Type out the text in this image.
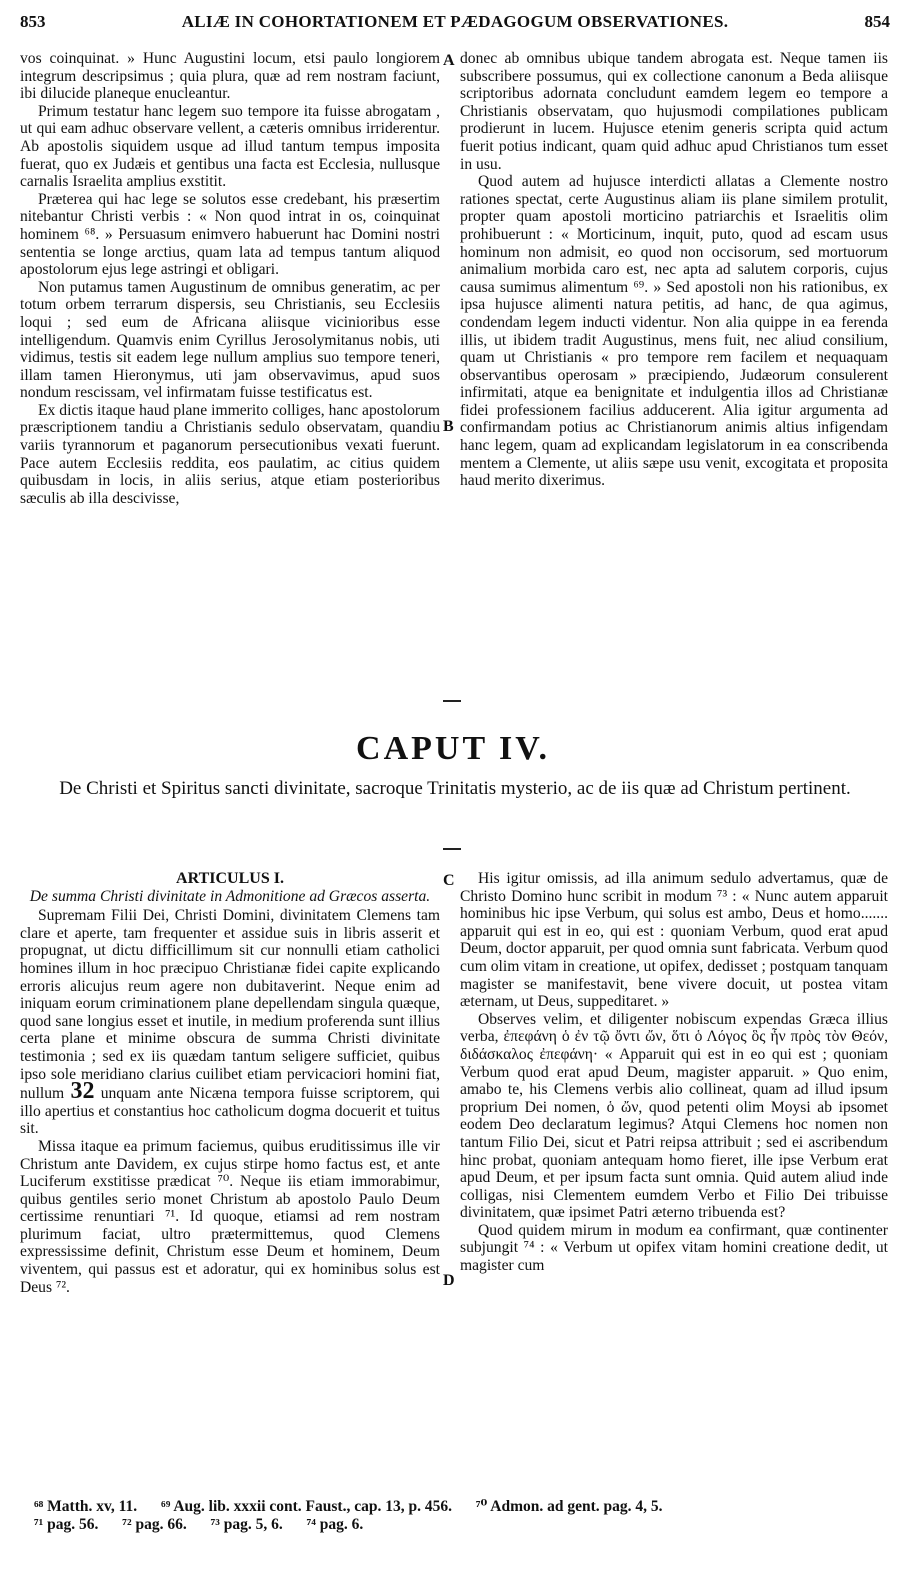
853	ALIÆ IN COHORTATIONEM ET PÆDAGOGUM OBSERVATIONES.	854

vos coinquinat. » Hunc Augustini locum, etsi paulo longiorem integrum descripsimus ; quia plura, quæ ad rem nostram faciunt, ibi dilucide planeque enucleantur.

Primum testatur hanc legem suo tempore ita fuisse abrogatam , ut qui eam adhuc observare vellent, a cæteris omnibus irriderentur. Ab apostolis siquidem usque ad illud tantum tempus imposita fuerat, quo ex Judæis et gentibus una facta est Ecclesia, nullusque carnalis Israelita amplius exstitit.

Præterea qui hac lege se solutos esse credebant, his præsertim nitebantur Christi verbis : « Non quod intrat in os, coinquinat hominem ⁶⁸. » Persuasum enimvero habuerunt hac Domini nostri sententia se longe arctius, quam lata ad tempus tantum aliquod apostolorum ejus lege astringi et obligari.

Non putamus tamen Augustinum de omnibus generatim, ac per totum orbem terrarum dispersis, seu Christianis, seu Ecclesiis loqui ; sed eum de Africana aliisque vicinioribus esse intelligendum. Quamvis enim Cyrillus Jerosolymitanus nobis, uti vidimus, testis sit eadem lege nullum amplius suo tempore teneri, illam tamen Hieronymus, uti jam observavimus, apud suos nondum rescissam, vel infirmatam fuisse testificatus est.

Ex dictis itaque haud plane immerito colliges, hanc apostolorum præscriptionem tandiu a Christianis sedulo observatam, quandiu variis tyrannorum et paganorum persecutionibus vexati fuerunt. Pace autem Ecclesiis reddita, eos paulatim, ac citius quidem quibusdam in locis, in aliis serius, atque etiam posterioribus sæculis ab illa descivisse,

A
B

donec ab omnibus ubique tandem abrogata est. Neque tamen iis subscribere possumus, qui ex collectione canonum a Beda aliisque scriptoribus adornata concludunt eamdem legem eo tempore a Christianis observatam, quo hujusmodi compilationes publicam prodierunt in lucem. Hujusce etenim generis scripta quid actum fuerit potius indicant, quam quid adhuc apud Christianos tum esset in usu.

Quod autem ad hujusce interdicti allatas a Clemente nostro rationes spectat, certe Augustinus aliam iis plane similem protulit, propter quam apostoli morticino patriarchis et Israelitis olim prohibuerunt : « Morticinum, inquit, puto, quod ad escam usus hominum non admisit, eo quod non occisorum, sed mortuorum animalium morbida caro est, nec apta ad salutem corporis, cujus causa sumimus alimentum ⁶⁹. » Sed apostoli non his rationibus, ex ipsa hujusce alimenti natura petitis, ad hanc, de qua agimus, condendam legem inducti videntur. Non alia quippe in ea ferenda illis, ut ibidem tradit Augustinus, mens fuit, nec aliud consilium, quam ut Christianis « pro tempore rem facilem et nequaquam observantibus operosam » præcipiendo, Judæorum consulerent infirmitati, atque ea benignitate et indulgentia illos ad Christianæ fidei professionem facilius adducerent. Alia igitur argumenta ad confirmandam potius ac Christianorum animis altius infigendam hanc legem, quam ad explicandam legislatorum in ea conscribenda mentem a Clemente, ut aliis sæpe usu venit, excogitata et proposita haud merito dixerimus.

CAPUT IV.
De Christi et Spiritus sancti divinitate, sacroque Trinitatis mysterio, ac de iis quæ ad Christum pertinent.
ARTICULUS I.
De summa Christi divinitate in Admonitione ad Græcos asserta.

Supremam Filii Dei, Christi Domini, divinitatem Clemens tam clare et aperte, tam frequenter et assidue suis in libris asserit et propugnat, ut dictu difficillimum sit cur nonnulli etiam catholici homines illum in hoc præcipuo Christianæ fidei capite explicando erroris alicujus reum agere non dubitaverint. Neque enim ad iniquam eorum criminationem plane depellendam singula quæque, quod sane longius esset et inutile, in medium proferenda sunt illius certa plane et minime obscura de summa Christi divinitate testimonia ; sed ex iis quædam tantum seligere sufficiet, quibus ipso sole meridiano clarius cuilibet etiam pervicaciori homini fiat, nullum 32 unquam ante Nicæna tempora fuisse scriptorem, qui illo apertius et constantius hoc catholicum dogma docuerit et tuitus sit.

Missa itaque ea primum faciemus, quibus eruditissimus ille vir Christum ante Davidem, ex cujus stirpe homo factus est, et ante Luciferum exstitisse prædicat ⁷⁰. Neque iis etiam immorabimur, quibus gentiles serio monet Christum ab apostolo Paulo Deum certissime renuntiari ⁷¹. Id quoque, etiamsi ad rem nostram plurimum faciat, ultro prætermittemus, quod Clemens expressissime definit, Christum esse Deum et hominem, Deum viventem, qui passus est et adoratur, qui ex hominibus solus est Deus ⁷².

C
D

His igitur omissis, ad illa animum sedulo advertamus, quæ de Christo Domino hunc scribit in modum ⁷³ : « Nunc autem apparuit hominibus hic ipse Verbum, qui solus est ambo, Deus et homo....... apparuit qui est in eo, qui est : quoniam Verbum, quod erat apud Deum, doctor apparuit, per quod omnia sunt fabricata. Verbum quod cum olim vitam in creatione, ut opifex, dedisset ; postquam tanquam magister se manifestavit, bene vivere docuit, ut postea vitam æternam, ut Deus, suppeditaret. »

Observes velim, et diligenter nobiscum expendas Græca illius verba, ἐπεφάνη ὁ ἐν τῷ ὄντι ὤν, ὅτι ὁ Λόγος ὃς ἦν πρὸς τὸν Θεόν, διδάσκαλος ἐπεφάνη· « Apparuit qui est in eo qui est ; quoniam Verbum quod erat apud Deum, magister apparuit. » Quo enim, amabo te, his Clemens verbis alio collineat, quam ad illud ipsum proprium Dei nomen, ὁ ὤν, quod petenti olim Moysi ab ipsomet eodem Deo declaratum legimus? Atqui Clemens hoc nomen non tantum Filio Dei, sicut et Patri reipsa attribuit ; sed ei ascribendum hinc probat, quoniam antequam homo fieret, ille ipse Verbum erat apud Deum, et per ipsum facta sunt omnia. Quid autem aliud inde colligas, nisi Clementem eumdem Verbo et Filio Dei tribuisse divinitatem, quæ ipsimet Patri æterno tribuenda est?

Quod quidem mirum in modum ea confirmant, quæ continenter subjungit ⁷⁴ : « Verbum ut opifex vitam homini creatione dedit, ut magister cum

⁶⁸ Matth. xv, 11. ⁶⁹ Aug. lib. xxxii cont. Faust., cap. 13, p. 456. ⁷⁰ Admon. ad gent. pag. 4, 5.
⁷¹ pag. 56. ⁷² pag. 66. ⁷³ pag. 5, 6. ⁷⁴ pag. 6.
